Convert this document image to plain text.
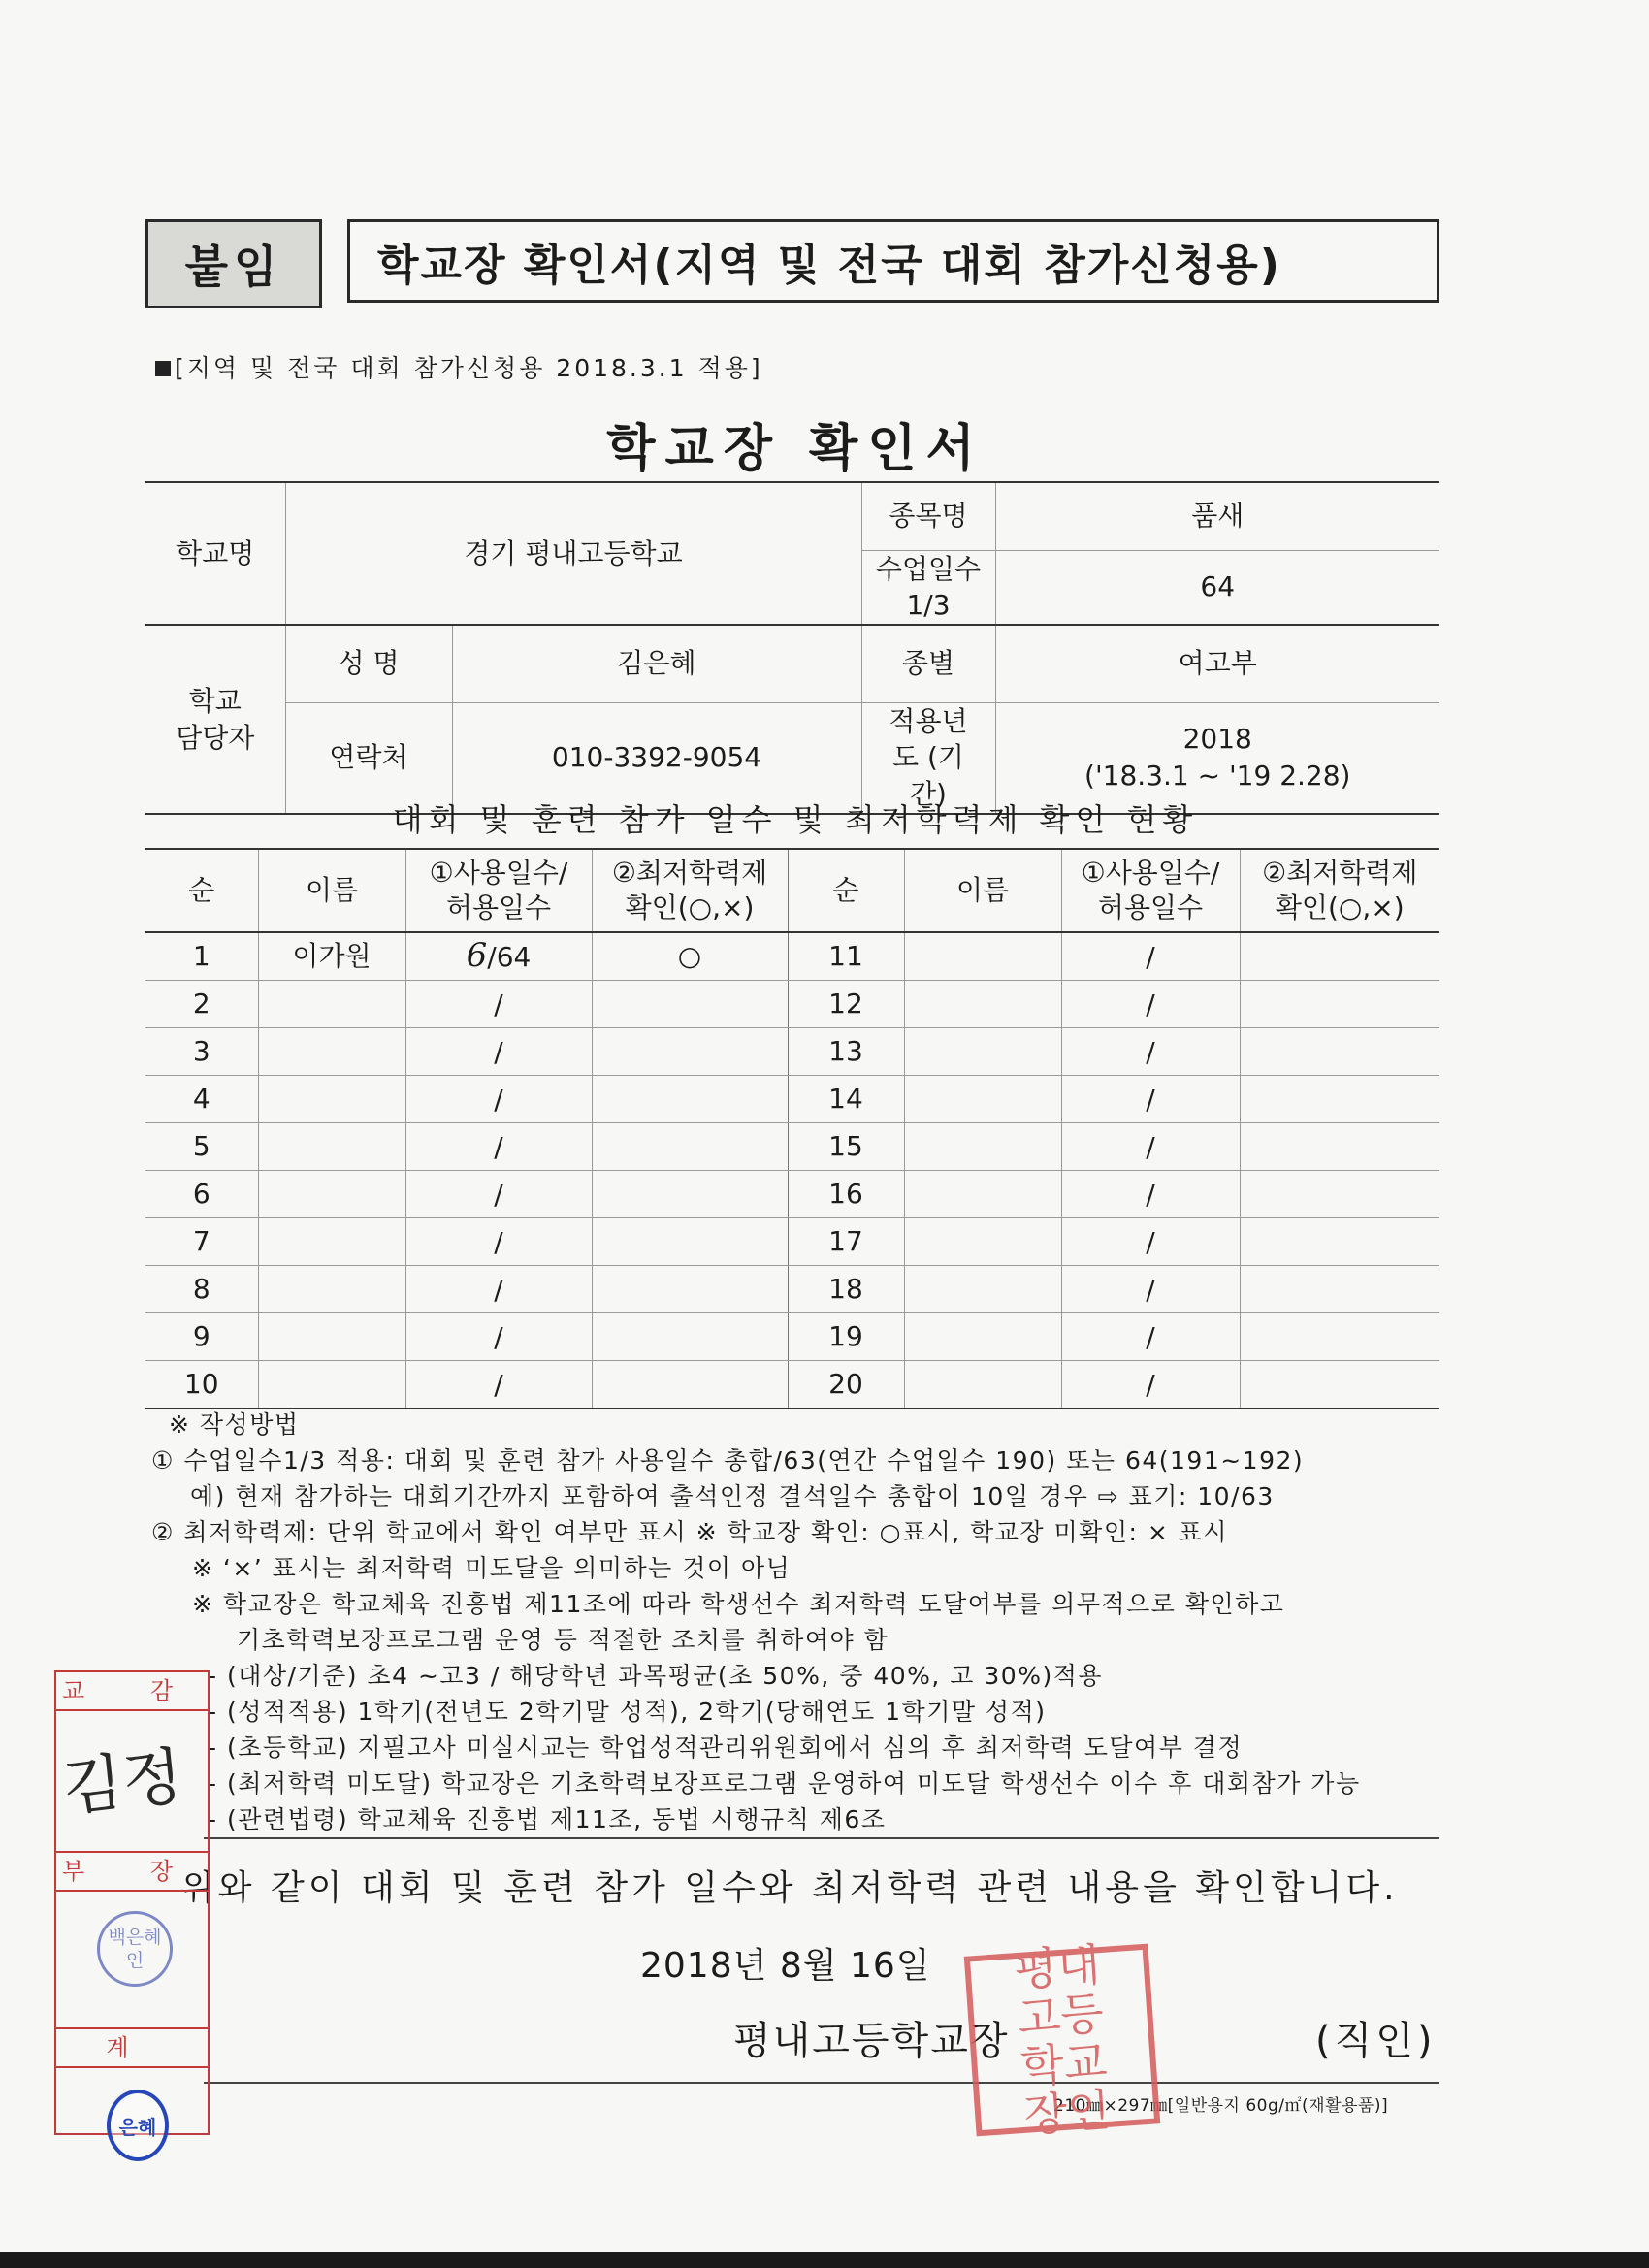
붙임	학교장 확인서(지역 및 전국 대회 참가신청용)
[지역 및 전국 대회 참가신청용 2018.3.1 적용]
학교장 확인서
학교명	경기 평내고등학교		종목명	품새
			수업일수 1/3	64
학교 담당자	성 명	김은혜	종별	여고부
	연락처	010-3392-9054	적용년도 (기간)	2018
('18.3.1 ~ '19 2.28)
대회 및 훈련 참가 일수 및 최저학력제 확인 현황
순	이름	①사용일수/ 허용일수	②최저학력제 확인(○,×)	순	이름	①사용일수/ 허용일수	②최저학력제 확인(○,×)
1	이가원	6/64	○	11		/	
2		/		12		/	
3		/		13		/	
4		/		14		/	
5		/		15		/	
6		/		16		/	
7		/		17		/	
8		/		18		/	
9		/		19		/	
10		/		20		/	
※ 작성방법
① 수업일수1/3 적용: 대회 및 훈련 참가 사용일수 총합/63(연간 수업일수 190) 또는 64(191~192)
예) 현재 참가하는 대회기간까지 포함하여 출석인정 결석일수 총합이 10일 경우 ⇨ 표기: 10/63
② 최저학력제: 단위 학교에서 확인 여부만 표시 ※ 학교장 확인: ○표시, 학교장 미확인: × 표시
※ ‘×’ 표시는 최저학력 미도달을 의미하는 것이 아님
※ 학교장은 학교체육 진흥법 제11조에 따라 학생선수 최저학력 도달여부를 의무적으로 확인하고
기초학력보장프로그램 운영 등 적절한 조치를 취하여야 함
- (대상/기준) 초4 ~고3 / 해당학년 과목평균(초 50%, 중 40%, 고 30%)적용
- (성적적용) 1학기(전년도 2학기말 성적), 2학기(당해연도 1학기말 성적)
- (초등학교) 지필고사 미실시교는 학업성적관리위원회에서 심의 후 최저학력 도달여부 결정
- (최저학력 미도달) 학교장은 기초학력보장프로그램 운영하여 미도달 학생선수 이수 후 대회참가 가능
- (관련법령) 학교체육 진흥법 제11조, 동법 시행규칙 제6조
위와 같이 대회 및 훈련 참가 일수와 최저학력 관련 내용을 확인합니다.
2018년 8월 16일
평내고등학교장	(직인)
210㎜×297㎜[일반용지 60g/㎡(재활용품)]
평내고등학교장인
교 감
김정
부 장
백은혜인
계
은혜
